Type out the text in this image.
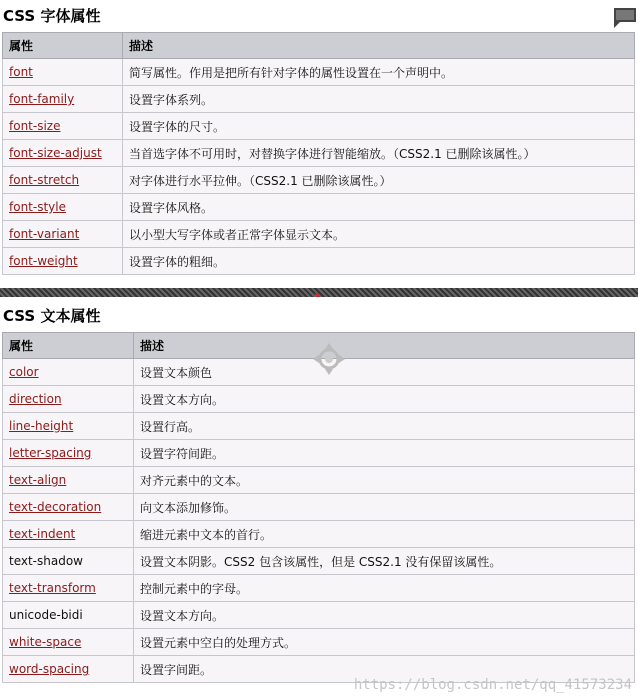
CSS 字体属性
属性	描述
font	简写属性。作用是把所有针对字体的属性设置在一个声明中。
font-family	设置字体系列。
font-size	设置字体的尺寸。
font-size-adjust	当首选字体不可用时，对替换字体进行智能缩放。（CSS2.1 已删除该属性。）
font-stretch	对字体进行水平拉伸。（CSS2.1 已删除该属性。）
font-style	设置字体风格。
font-variant	以小型大写字体或者正常字体显示文本。
font-weight	设置字体的粗细。
CSS 文本属性
属性	描述
color	设置文本颜色
direction	设置文本方向。
line-height	设置行高。
letter-spacing	设置字符间距。
text-align	对齐元素中的文本。
text-decoration	向文本添加修饰。
text-indent	缩进元素中文本的首行。
text-shadow	设置文本阴影。CSS2 包含该属性，但是 CSS2.1 没有保留该属性。
text-transform	控制元素中的字母。
unicode-bidi	设置文本方向。
white-space	设置元素中空白的处理方式。
word-spacing	设置字间距。
https://blog.csdn.net/qq_41573234
